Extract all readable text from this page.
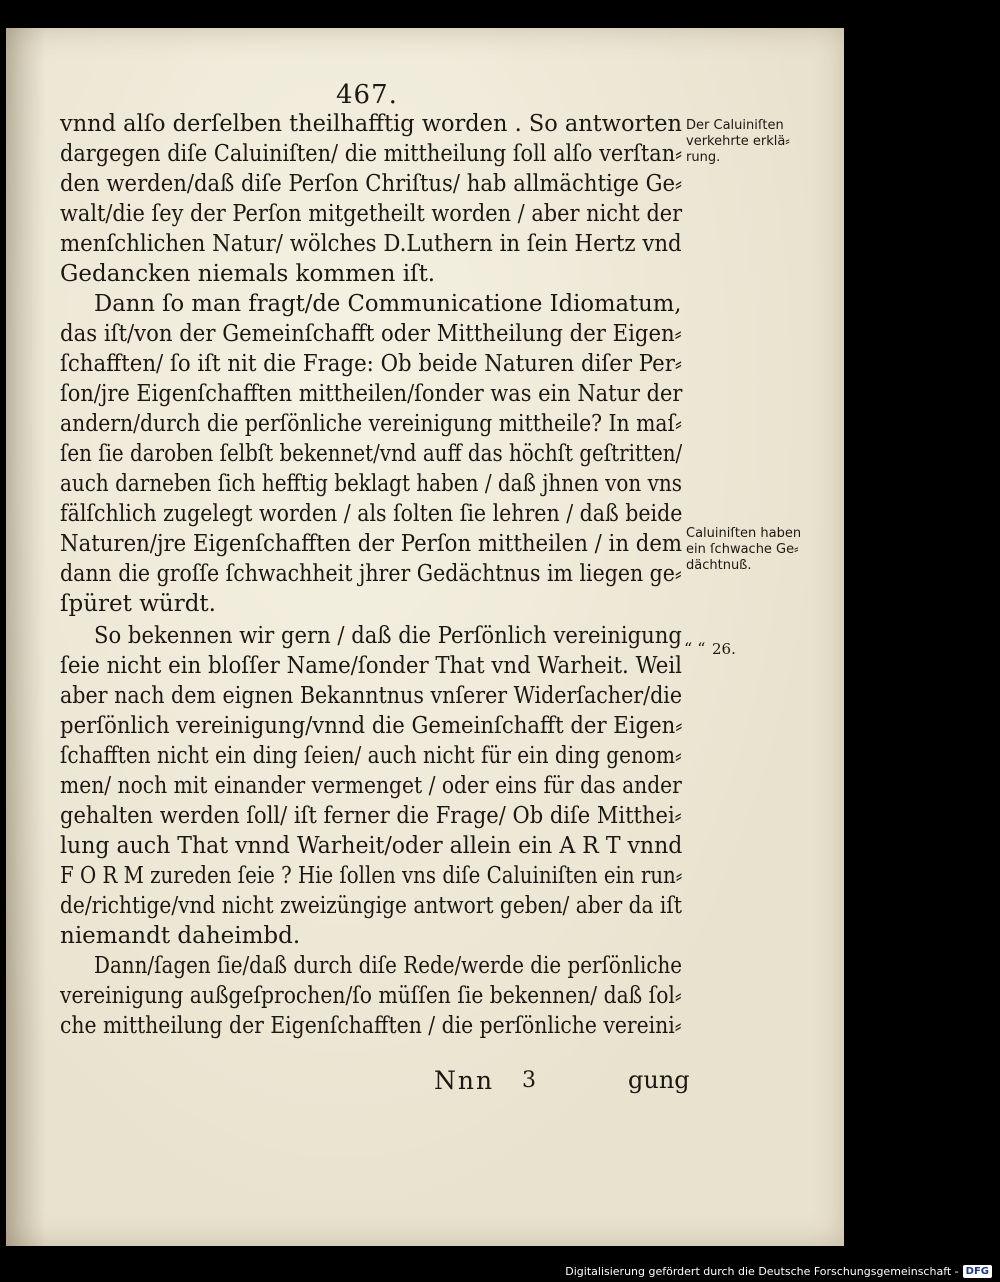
467.
vnnd alſo derſelben theilhafftig worden . So antworten
dargegen diſe Caluiniſten/ die mittheilung ſoll alſo verſtan⸗
den werden/daß diſe Perſon Chriſtus/ hab allmächtige Ge⸗
walt/die ſey der Perſon mitgetheilt worden / aber nicht der
menſchlichen Natur/ wölches D.Luthern in ſein Hertz vnd
Gedancken niemals kommen iſt.
Dann ſo man fragt/de Communicatione Idiomatum,
das iſt/von der Gemeinſchafft oder Mittheilung der Eigen⸗
ſchafften/ ſo iſt nit die Frage: Ob beide Naturen diſer Per⸗
ſon/jre Eigenſchafften mittheilen/ſonder was ein Natur der
andern/durch die perſönliche vereinigung mittheile? In maſ⸗
ſen ſie daroben ſelbſt bekennet/vnd auff das höchſt geſtritten/
auch darneben ſich hefftig beklagt haben / daß jhnen von vns
fälſchlich zugelegt worden / als ſolten ſie lehren / daß beide
Naturen/jre Eigenſchafften der Perſon mittheilen / in dem
dann die groſſe ſchwachheit jhrer Gedächtnus im liegen ge⸗
ſpüret würdt.
So bekennen wir gern / daß die Perſönlich vereinigung
ſeie nicht ein bloſſer Name/ſonder That vnd Warheit. Weil
aber nach dem eignen Bekanntnus vnſerer Widerſacher/die
perſönlich vereinigung/vnnd die Gemeinſchafft der Eigen⸗
ſchafften nicht ein ding ſeien/ auch nicht für ein ding genom⸗
men/ noch mit einander vermenget / oder eins für das ander
gehalten werden ſoll/ iſt ferner die Frage/ Ob diſe Mitthei⸗
lung auch That vnnd Warheit/oder allein ein A R T vnnd
F O R M zureden ſeie ? Hie ſollen vns diſe Caluiniſten ein run⸗
de/richtige/vnd nicht zweizüngige antwort geben/ aber da iſt
niemandt daheimbd.
Dann/ſagen ſie/daß durch diſe Rede/werde die perſönliche
vereinigung außgeſprochen/ſo müſſen ſie bekennen/ daß ſol⸗
che mittheilung der Eigenſchafften / die perſönliche vereini⸗
Der Caluiniſten
verkehrte erklä⸗
rung.
Caluiniſten haben
ein ſchwache Ge⸗
dächtnuß.
“ “ 26.
Nnn 3	gung
Digitalisierung gefördert durch die Deutsche Forschungsgemeinschaft - DFG
